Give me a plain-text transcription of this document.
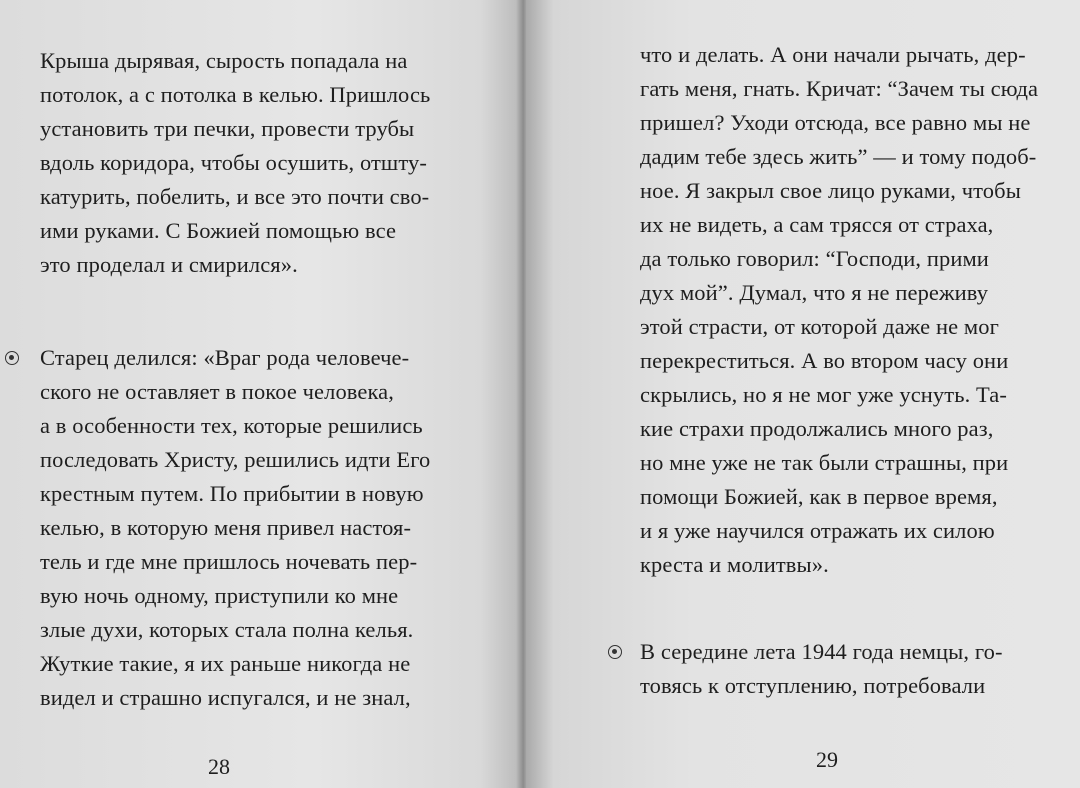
Крыша дырявая, сырость попадала на

потолок, а с потолка в келью. Пришлось

установить три печки, провести трубы

вдоль коридора, чтобы осушить, отшту-

катурить, побелить, и все это почти сво-

ими руками. С Божией помощью все

это проделал и смирился».

Старец делился: «Враг рода человече-

ского не оставляет в покое человека,

а в особенности тех, которые решились

последовать Христу, решились идти Его

крестным путем. По прибытии в новую

келью, в которую меня привел настоя-

тель и где мне пришлось ночевать пер-

вую ночь одному, приступили ко мне

злые духи, которых стала полна келья.

Жуткие такие, я их раньше никогда не

видел и страшно испугался, и не знал,

28

что и делать. А они начали рычать, дер-

гать меня, гнать. Кричат: “Зачем ты сюда

пришел? Уходи отсюда, все равно мы не

дадим тебе здесь жить” — и тому подоб-

ное. Я закрыл свое лицо руками, чтобы

их не видеть, а сам трясся от страха,

да только говорил: “Господи, прими

дух мой”. Думал, что я не переживу

этой страсти, от которой даже не мог

перекреститься. А во втором часу они

скрылись, но я не мог уже уснуть. Та-

кие страхи продолжались много раз,

но мне уже не так были страшны, при

помощи Божией, как в первое время,

и я уже научился отражать их силою

креста и молитвы».

В середине лета 1944 года немцы, го-

товясь к отступлению, потребовали

29
